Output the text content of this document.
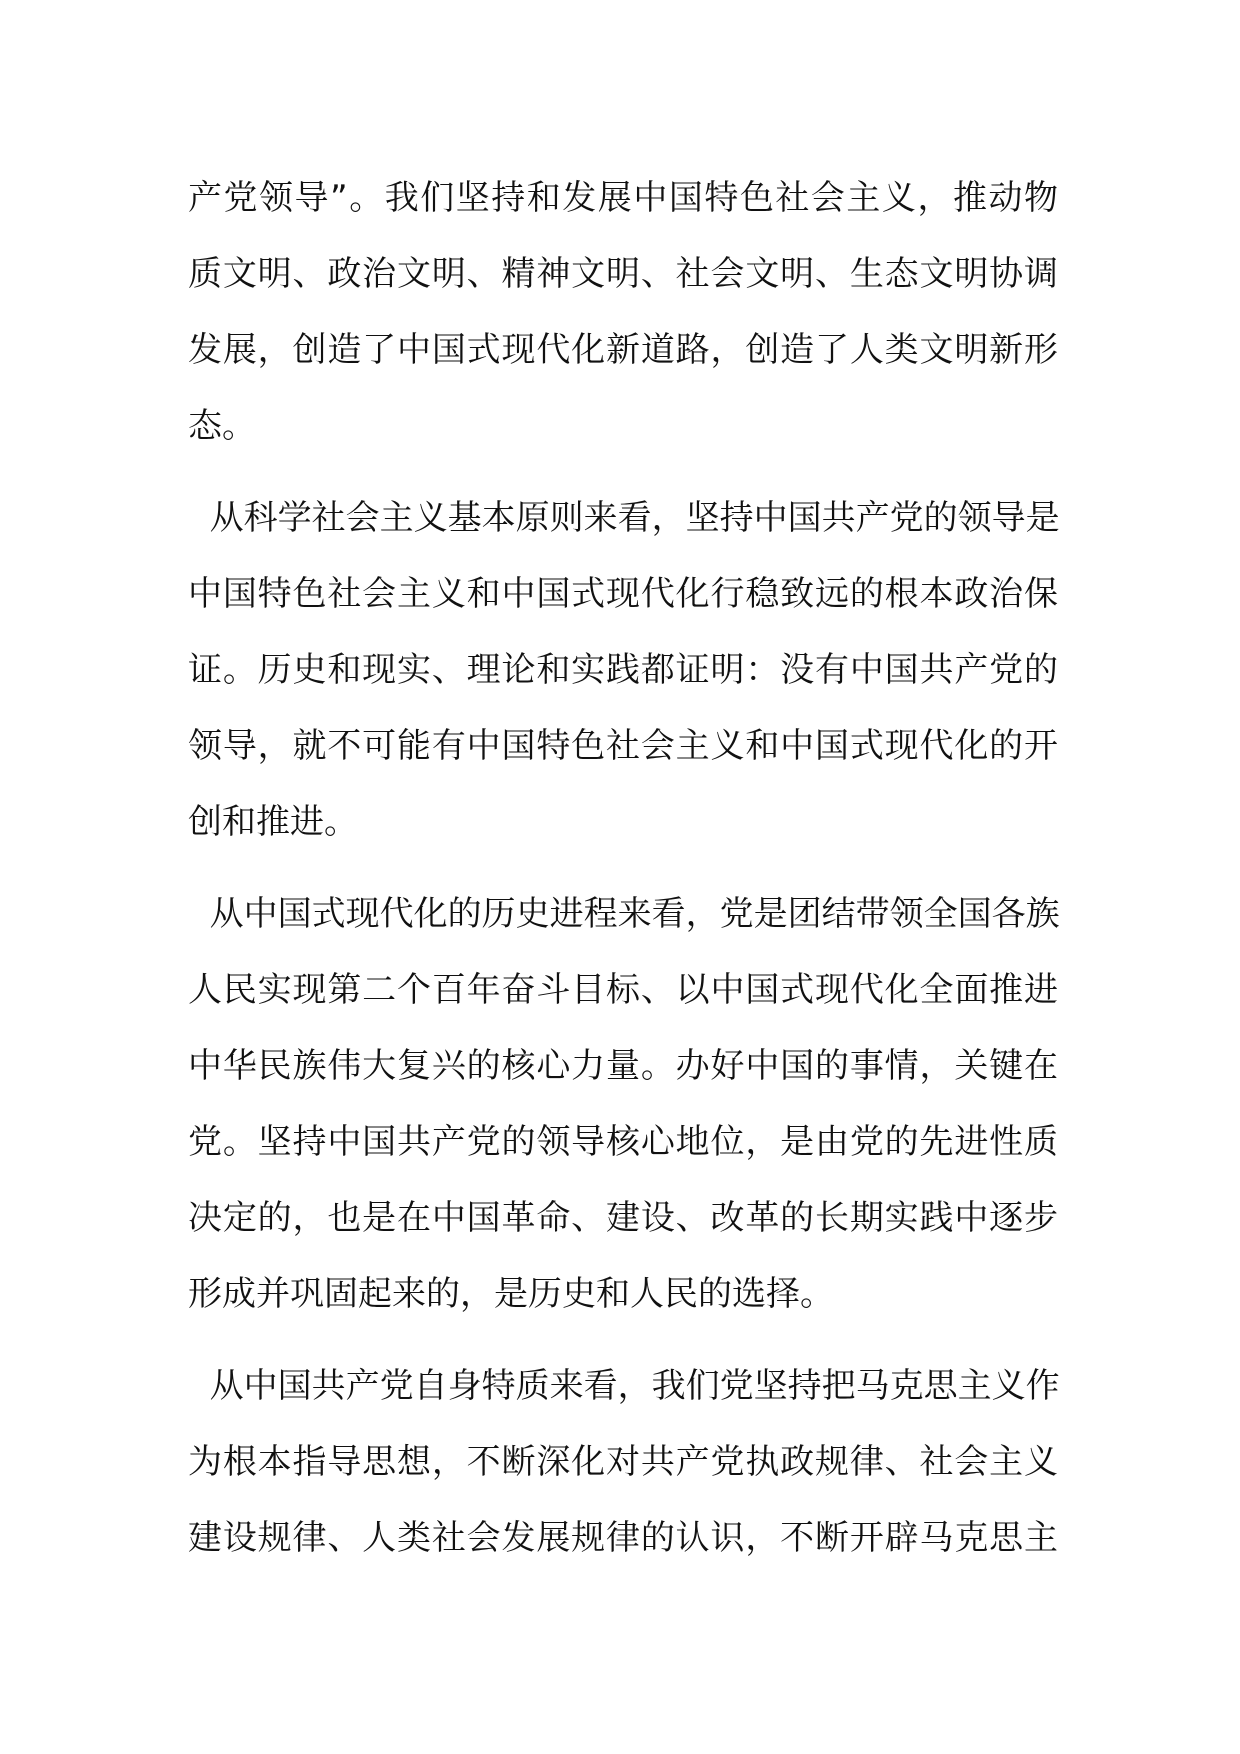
产党领导”。我们坚持和发展中国特色社会主义，推动物
质文明、政治文明、精神文明、社会文明、生态文明协调
发展，创造了中国式现代化新道路，创造了人类文明新形
态。
从科学社会主义基本原则来看，坚持中国共产党的领导是
中国特色社会主义和中国式现代化行稳致远的根本政治保
证。历史和现实、理论和实践都证明：没有中国共产党的
领导，就不可能有中国特色社会主义和中国式现代化的开
创和推进。
从中国式现代化的历史进程来看，党是团结带领全国各族
人民实现第二个百年奋斗目标、以中国式现代化全面推进
中华民族伟大复兴的核心力量。办好中国的事情，关键在
党。坚持中国共产党的领导核心地位，是由党的先进性质
决定的，也是在中国革命、建设、改革的长期实践中逐步
形成并巩固起来的，是历史和人民的选择。
从中国共产党自身特质来看，我们党坚持把马克思主义作
为根本指导思想，不断深化对共产党执政规律、社会主义
建设规律、人类社会发展规律的认识，不断开辟马克思主
